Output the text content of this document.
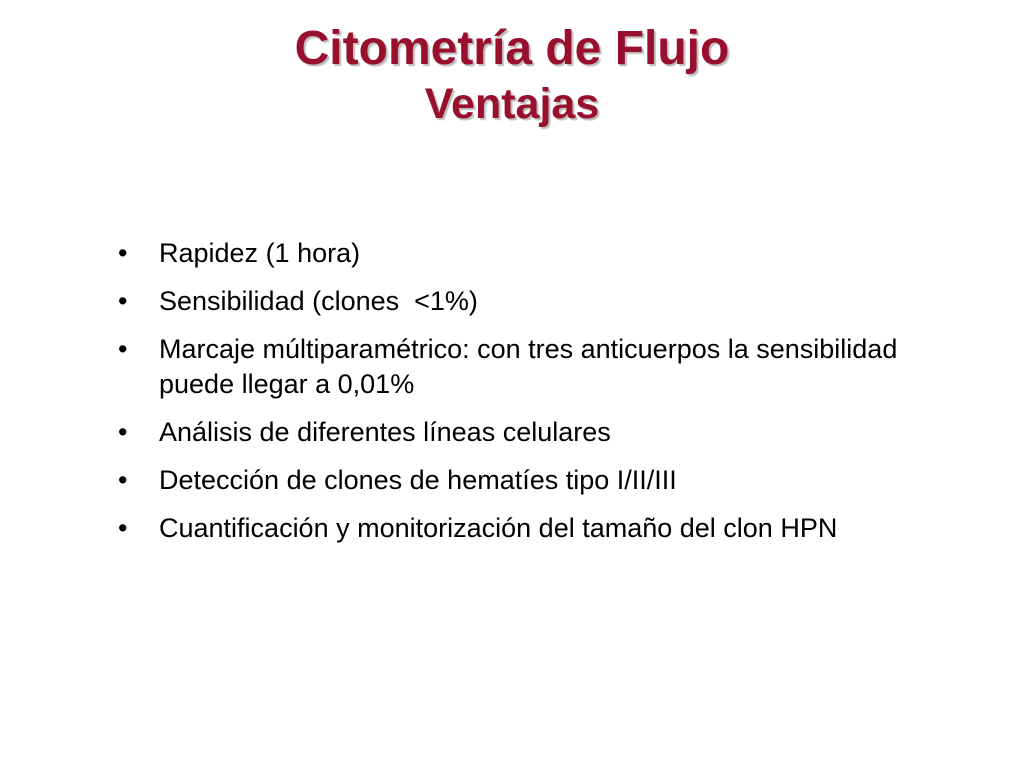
Citometría de Flujo
Ventajas
• Rapidez (1 hora)
• Sensibilidad (clones  <1%)
• Marcaje múltiparamétrico: con tres anticuerpos la sensibilidad puede llegar a 0,01%
• Análisis de diferentes líneas celulares
• Detección de clones de hematíes tipo I/II/III
• Cuantificación y monitorización del tamaño del clon HPN
